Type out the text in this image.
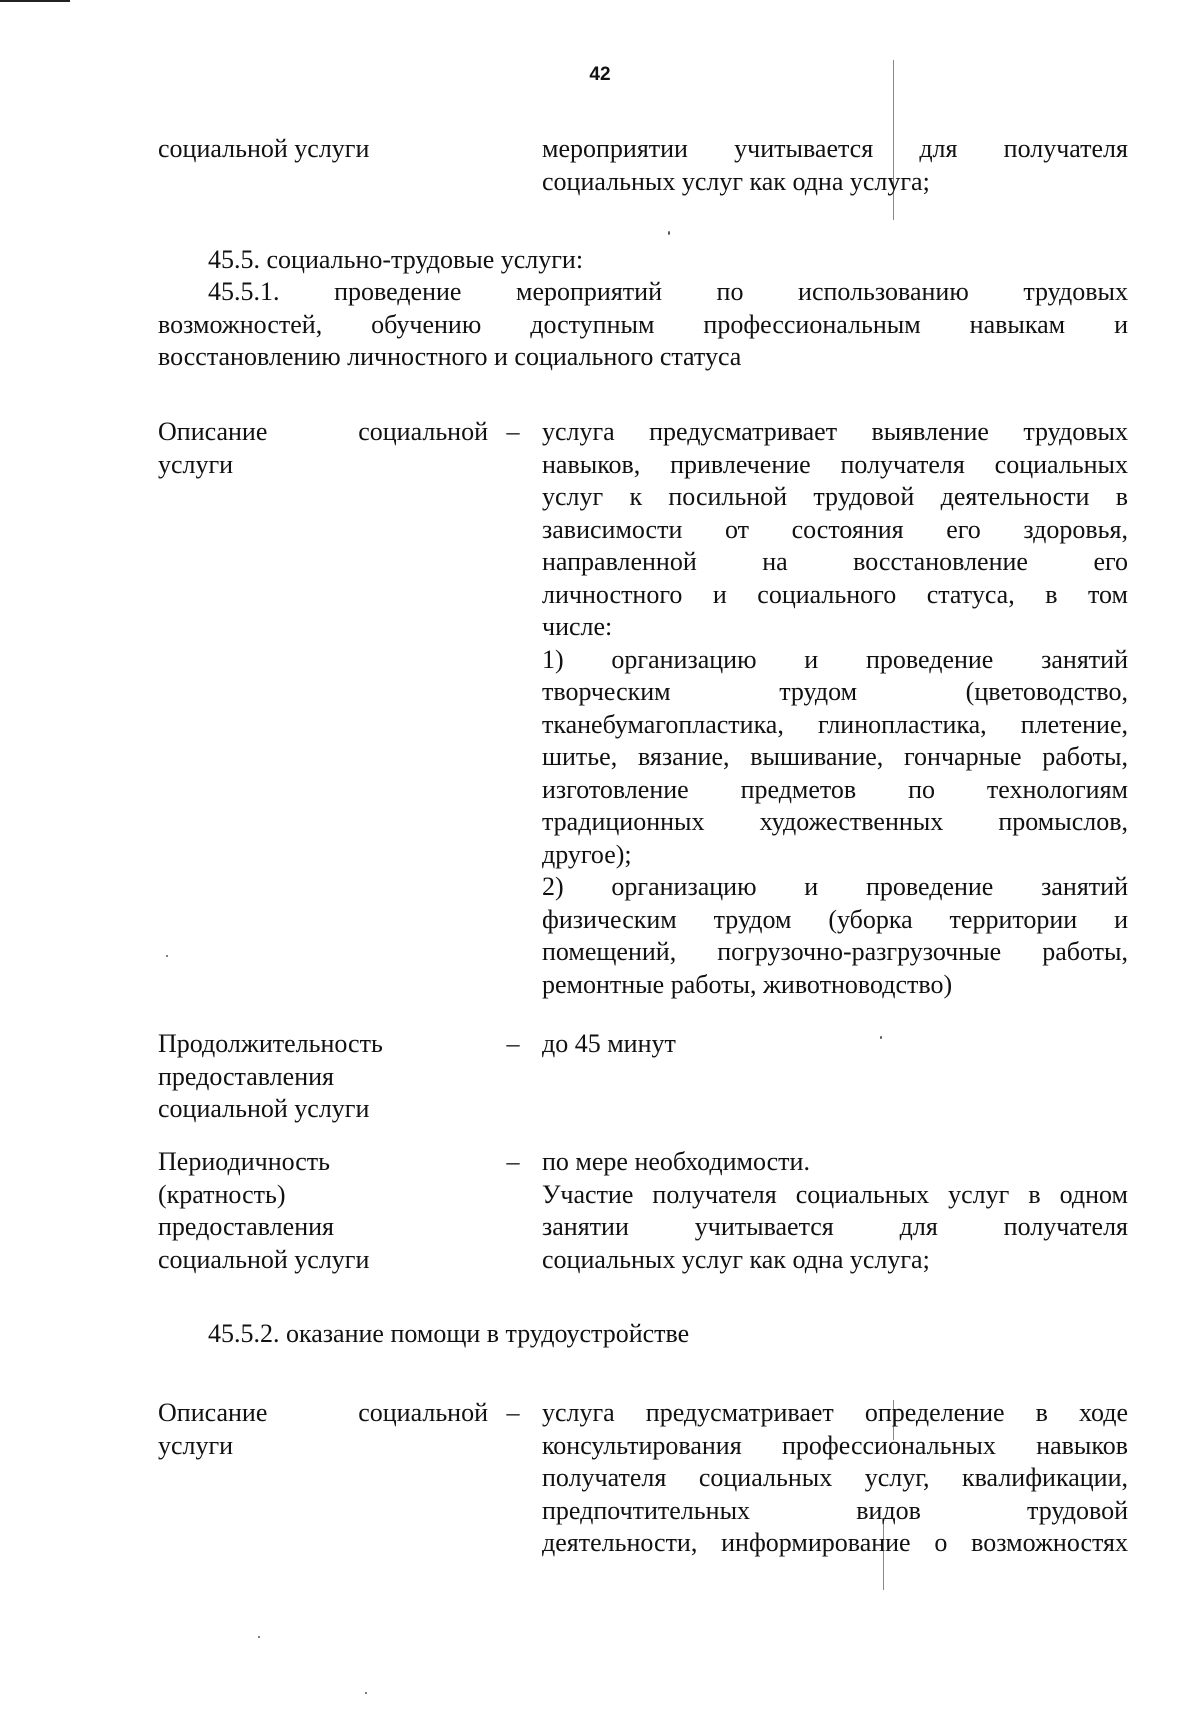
42
социальной услуги	мероприятии учитывается для получателя
социальных услуг как одна услуга;
45.5. социально-трудовые услуги:
45.5.1. проведение мероприятий по использованию трудовых
возможностей, обучению доступным профессиональным навыкам и
восстановлению личностного и социального статуса
Описание	социальной
услуги
– услуга предусматривает выявление трудовых
навыков, привлечение получателя социальных
услуг к посильной трудовой деятельности в
зависимости от состояния его здоровья,
направленной на восстановление его
личностного и социального статуса, в том
числе:
1) организацию и проведение занятий
творческим трудом (цветоводство,
тканебумагопластика, глинопластика, плетение,
шитье, вязание, вышивание, гончарные работы,
изготовление предметов по технологиям
традиционных художественных промыслов,
другое);
2) организацию и проведение занятий
физическим трудом (уборка территории и
помещений, погрузочно-разгрузочные работы,
ремонтные работы, животноводство)
Продолжительность
предоставления
социальной услуги
– до 45 минут
Периодичность
(кратность)
предоставления
социальной услуги
– по мере необходимости.
Участие получателя социальных услуг в одном
занятии учитывается для получателя
социальных услуг как одна услуга;
45.5.2. оказание помощи в трудоустройстве
Описание	социальной
услуги
– услуга предусматривает определение в ходе
консультирования профессиональных навыков
получателя социальных услуг, квалификации,
предпочтительных видов трудовой
деятельности, информирование о возможностях
